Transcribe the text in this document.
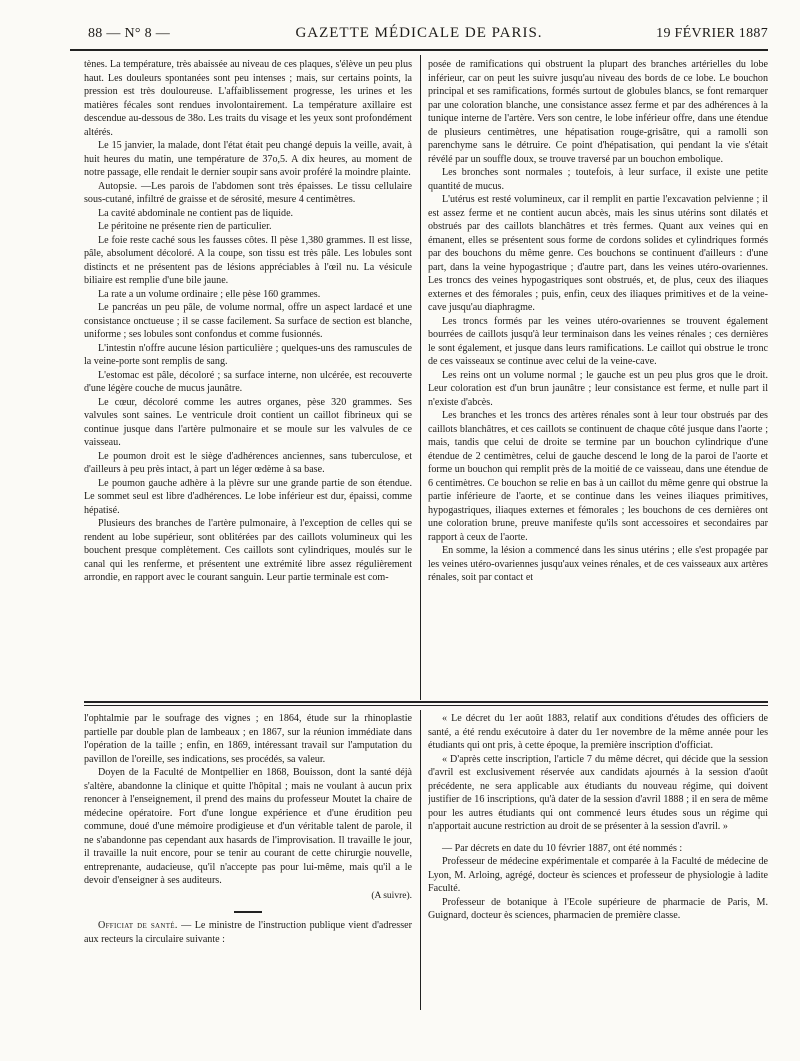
88 — N° 8 —	GAZETTE MÉDICALE DE PARIS.	19 FÉVRIER 1887

tènes. La température, très abaissée au niveau de ces plaques, s'élève un peu plus haut. Les douleurs spontanées sont peu intenses ; mais, sur certains points, la pression est très douloureuse. L'affaiblissement progresse, les urines et les matières fécales sont rendues involontairement. La température axillaire est descendue au-dessous de 38o. Les traits du visage et les yeux sont profondément altérés.

Le 15 janvier, la malade, dont l'état était peu changé depuis la veille, avait, à huit heures du matin, une température de 37o,5. A dix heures, au moment de notre passage, elle rendait le dernier soupir sans avoir proféré la moindre plainte.

Autopsie. —Les parois de l'abdomen sont très épaisses. Le tissu cellulaire sous-cutané, infiltré de graisse et de sérosité, mesure 4 centimètres.

La cavité abdominale ne contient pas de liquide.

Le péritoine ne présente rien de particulier.

Le foie reste caché sous les fausses côtes. Il pèse 1,380 grammes. Il est lisse, pâle, absolument décoloré. A la coupe, son tissu est très pâle. Les lobules sont distincts et ne présentent pas de lésions appréciables à l'œil nu. La vésicule biliaire est remplie d'une bile jaune.

La rate a un volume ordinaire ; elle pèse 160 grammes.

Le pancréas un peu pâle, de volume normal, offre un aspect lardacé et une consistance onctueuse ; il se casse facilement. Sa surface de section est blanche, uniforme ; ses lobules sont confondus et comme fusionnés.

L'intestin n'offre aucune lésion particulière ; quelques-uns des ramuscules de la veine-porte sont remplis de sang.

L'estomac est pâle, décoloré ; sa surface interne, non ulcérée, est recouverte d'une légère couche de mucus jaunâtre.

Le cœur, décoloré comme les autres organes, pèse 320 grammes. Ses valvules sont saines. Le ventricule droit contient un caillot fibrineux qui se continue jusque dans l'artère pulmonaire et se moule sur les valvules de ce vaisseau.

Le poumon droit est le siège d'adhérences anciennes, sans tuberculose, et d'ailleurs à peu près intact, à part un léger œdème à sa base.

Le poumon gauche adhère à la plèvre sur une grande partie de son étendue. Le sommet seul est libre d'adhérences. Le lobe inférieur est dur, épaissi, comme hépatisé.

Plusieurs des branches de l'artère pulmonaire, à l'exception de celles qui se rendent au lobe supérieur, sont oblitérées par des caillots volumineux qui les bouchent presque complètement. Ces caillots sont cylindriques, moulés sur le canal qui les renferme, et présentent une extrémité libre assez régulièrement arrondie, en rapport avec le courant sanguin. Leur partie terminale est com-

posée de ramifications qui obstruent la plupart des branches artérielles du lobe inférieur, car on peut les suivre jusqu'au niveau des bords de ce lobe. Le bouchon principal et ses ramifications, formés surtout de globules blancs, se font remarquer par une coloration blanche, une consistance assez ferme et par des adhérences à la tunique interne de l'artère. Vers son centre, le lobe inférieur offre, dans une étendue de plusieurs centimètres, une hépatisation rouge-grisâtre, qui a ramolli son parenchyme sans le détruire. Ce point d'hépatisation, qui pendant la vie s'était révélé par un souffle doux, se trouve traversé par un bouchon embolique.

Les bronches sont normales ; toutefois, à leur surface, il existe une petite quantité de mucus.

L'utérus est resté volumineux, car il remplit en partie l'excavation pelvienne ; il est assez ferme et ne contient aucun abcès, mais les sinus utérins sont dilatés et obstrués par des caillots blanchâtres et très fermes. Quant aux veines qui en émanent, elles se présentent sous forme de cordons solides et cylindriques formés par des bouchons du même genre. Ces bouchons se continuent d'ailleurs : d'une part, dans la veine hypogastrique ; d'autre part, dans les veines utéro-ovariennes. Les troncs des veines hypogastriques sont obstrués, et, de plus, ceux des iliaques externes et des fémorales ; puis, enfin, ceux des iliaques primitives et de la veine-cave jusqu'au diaphragme.

Les troncs formés par les veines utéro-ovariennes se trouvent également bourrées de caillots jusqu'à leur terminaison dans les veines rénales ; ces dernières le sont également, et jusque dans leurs ramifications. Le caillot qui obstrue le tronc de ces vaisseaux se continue avec celui de la veine-cave.

Les reins ont un volume normal ; le gauche est un peu plus gros que le droit. Leur coloration est d'un brun jaunâtre ; leur consistance est ferme, et nulle part il n'existe d'abcès.

Les branches et les troncs des artères rénales sont à leur tour obstrués par des caillots blanchâtres, et ces caillots se continuent de chaque côté jusque dans l'aorte ; mais, tandis que celui de droite se termine par un bouchon cylindrique d'une étendue de 2 centimètres, celui de gauche descend le long de la paroi de l'aorte et forme un bouchon qui remplit près de la moitié de ce vaisseau, dans une étendue de 6 centimètres. Ce bouchon se relie en bas à un caillot du même genre qui obstrue la partie inférieure de l'aorte, et se continue dans les veines iliaques primitives, hypogastriques, iliaques externes et fémorales ; les bouchons de ces dernières ont une coloration brune, preuve manifeste qu'ils sont accessoires et secondaires par rapport à ceux de l'aorte.

En somme, la lésion a commencé dans les sinus utérins ; elle s'est propagée par les veines utéro-ovariennes jusqu'aux veines rénales, et de ces vaisseaux aux artères rénales, soit par contact et

l'ophtalmie par le soufrage des vignes ; en 1864, étude sur la rhinoplastie partielle par double plan de lambeaux ; en 1867, sur la réunion immédiate dans l'opération de la taille ; enfin, en 1869, intéressant travail sur l'amputation du pavillon de l'oreille, ses indications, ses procédés, sa valeur.

Doyen de la Faculté de Montpellier en 1868, Bouisson, dont la santé déjà s'altère, abandonne la clinique et quitte l'hôpital ; mais ne voulant à aucun prix renoncer à l'enseignement, il prend des mains du professeur Moutet la chaire de médecine opératoire. Fort d'une longue expérience et d'une érudition peu commune, doué d'une mémoire prodigieuse et d'un véritable talent de parole, il ne s'abandonne pas cependant aux hasards de l'improvisation. Il travaille le jour, il travaille la nuit encore, pour se tenir au courant de cette chirurgie nouvelle, entreprenante, audacieuse, qu'il n'accepte pas pour lui-même, mais qu'il a le devoir d'enseigner à ses auditeurs.

(A suivre).

Officiat de santé. — Le ministre de l'instruction publique vient d'adresser aux recteurs la circulaire suivante :

« Le décret du 1er août 1883, relatif aux conditions d'études des officiers de santé, a été rendu exécutoire à dater du 1er novembre de la même année pour les étudiants qui ont pris, à cette époque, la première inscription d'officiat.

« D'après cette inscription, l'article 7 du même décret, qui décide que la session d'avril est exclusivement réservée aux candidats ajournés à la session d'août précédente, ne sera applicable aux étudiants du nouveau régime, qui doivent justifier de 16 inscriptions, qu'à dater de la session d'avril 1888 ; il en sera de même pour les autres étudiants qui ont commencé leurs études sous un régime qui n'apportait aucune restriction au droit de se présenter à la session d'avril. »

— Par décrets en date du 10 février 1887, ont été nommés :

Professeur de médecine expérimentale et comparée à la Faculté de médecine de Lyon, M. Arloing, agrégé, docteur ès sciences et professeur de physiologie à ladite Faculté.

Professeur de botanique à l'Ecole supérieure de pharmacie de Paris, M. Guignard, docteur ès sciences, pharmacien de première classe.
